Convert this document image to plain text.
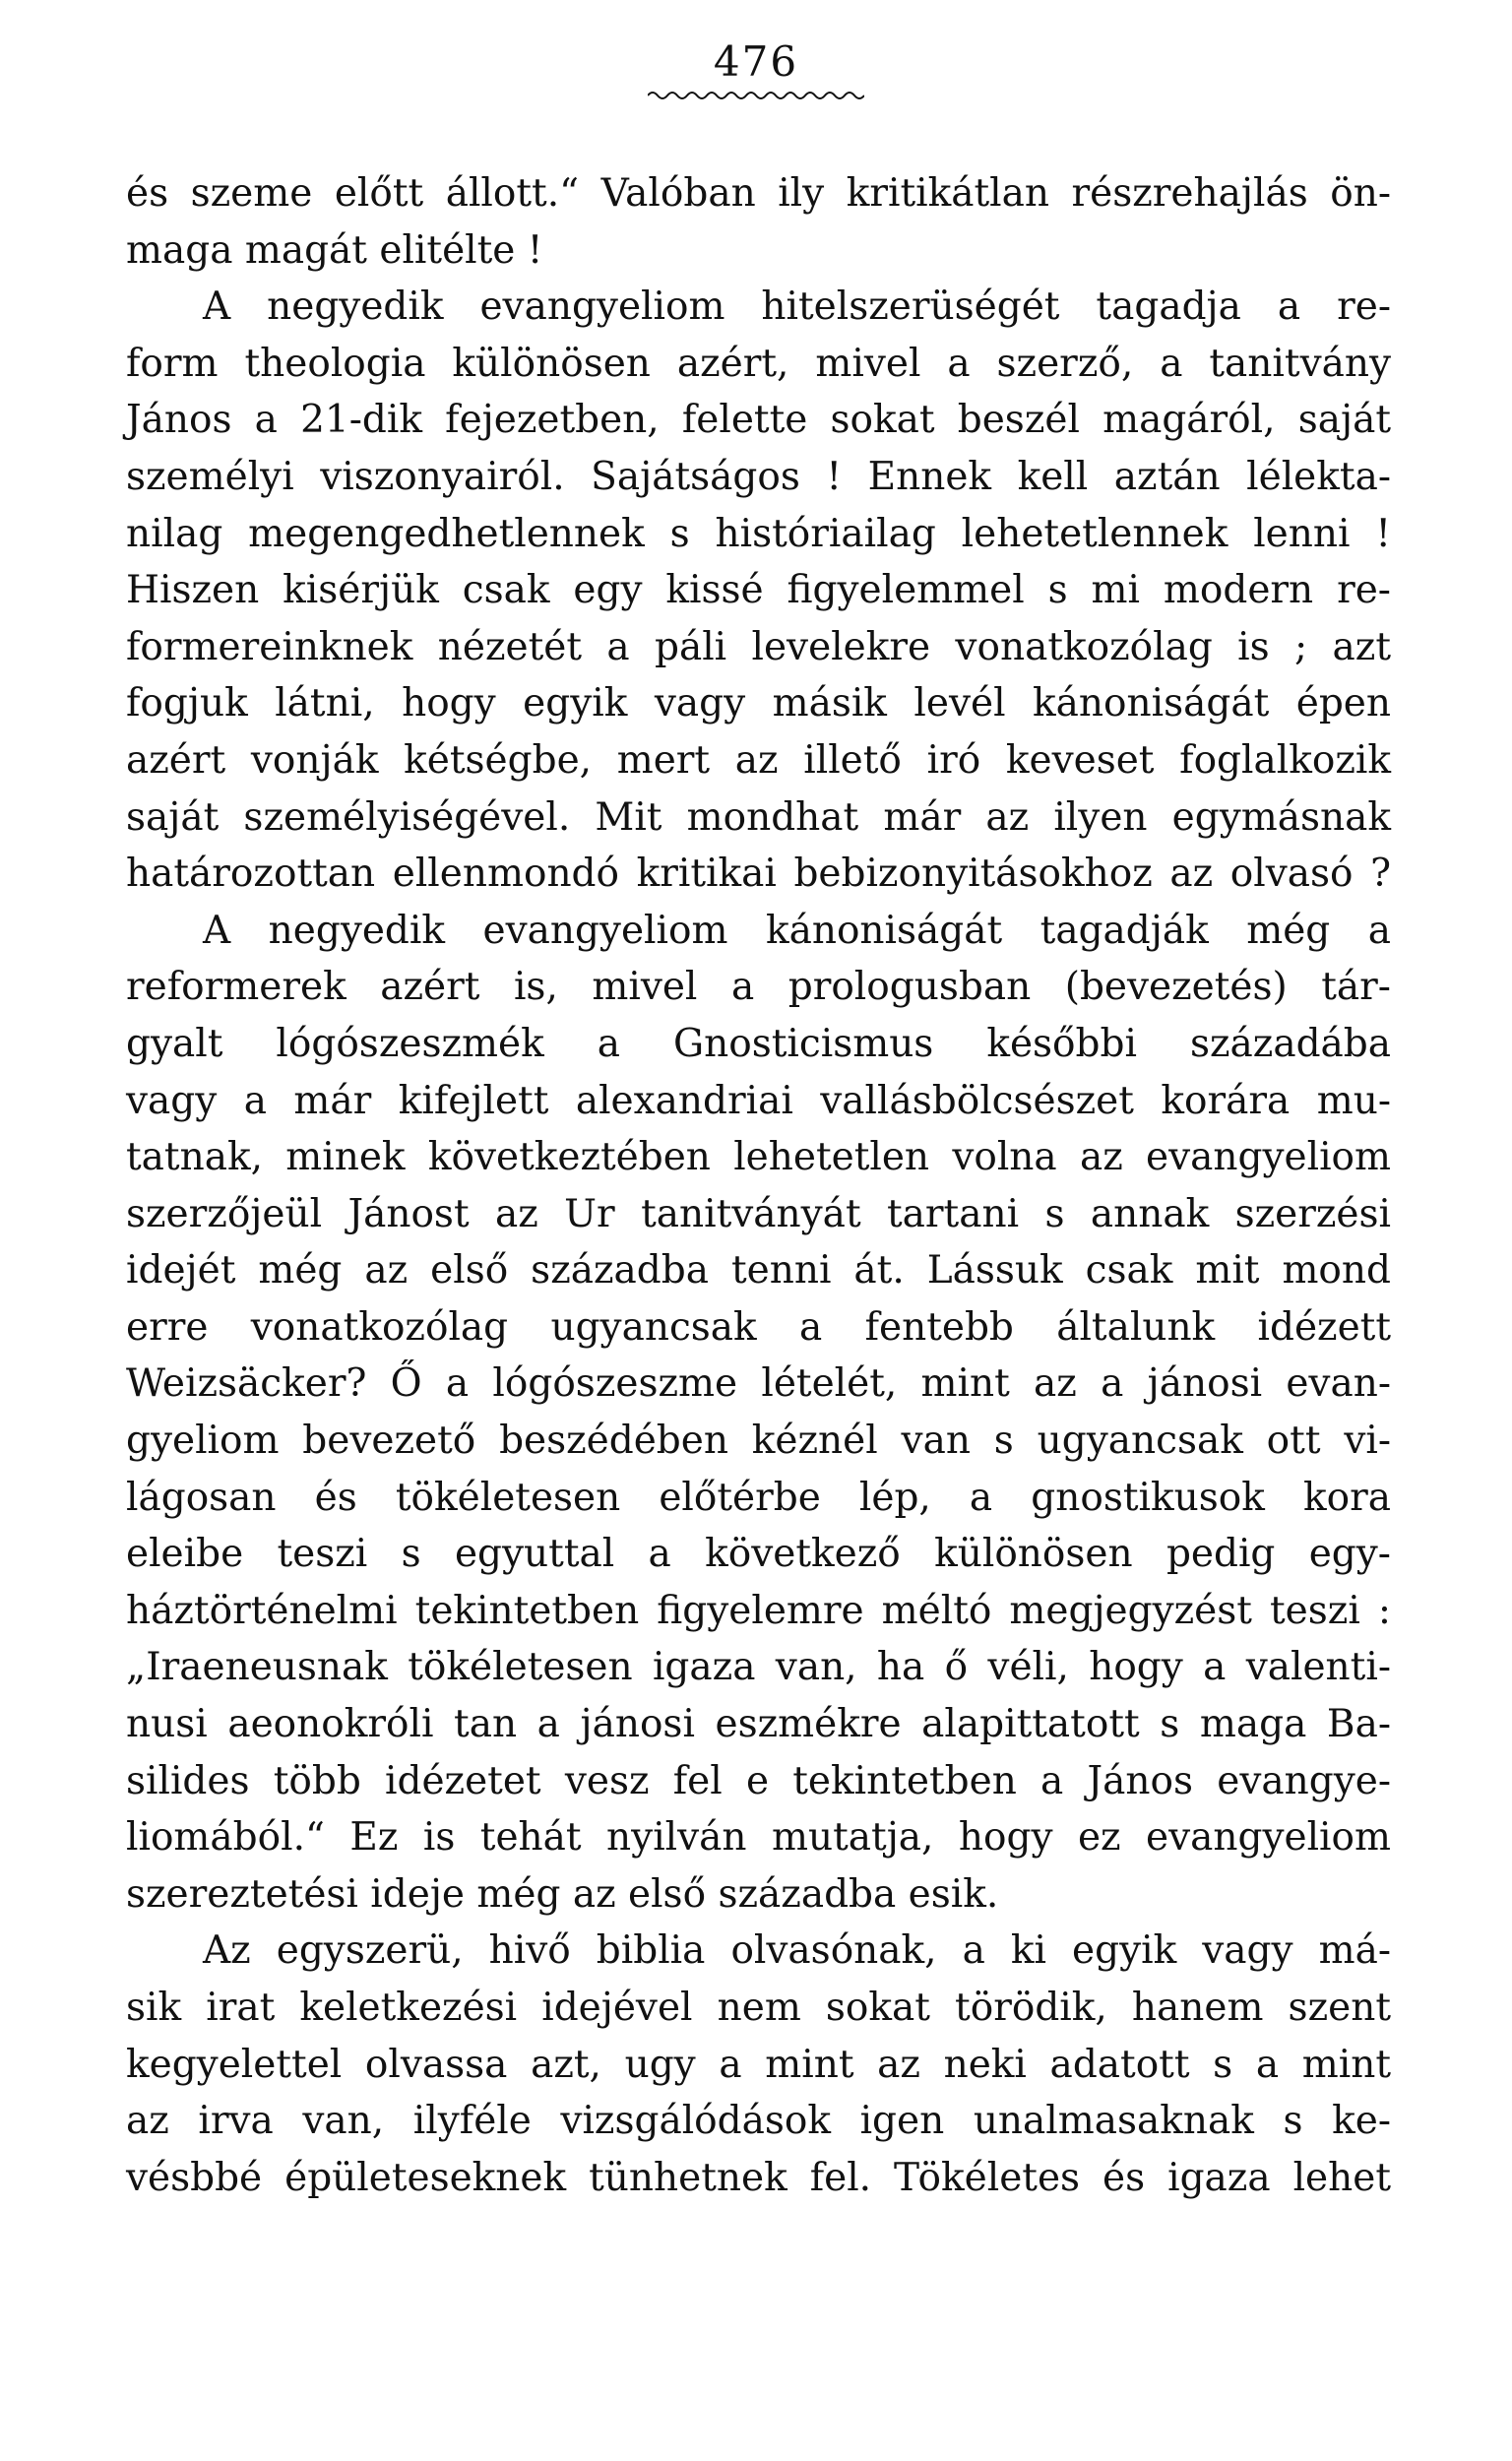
476
és szeme előtt állott.“ Valóban ily kritikátlan részrehajlás ön-
maga magát elitélte !
A negyedik evangyeliom hitelszerüségét tagadja a re-
form theologia különösen azért, mivel a szerző, a tanitvány
János a 21-dik fejezetben, felette sokat beszél magáról, saját
személyi viszonyairól. Sajátságos ! Ennek kell aztán lélekta-
nilag megengedhetlennek s históriailag lehetetlennek lenni !
Hiszen kisérjük csak egy kissé figyelemmel s mi modern re-
formereinknek nézetét a páli levelekre vonatkozólag is ; azt
fogjuk látni, hogy egyik vagy másik levél kánoniságát épen
azért vonják kétségbe, mert az illető iró keveset foglalkozik
saját személyiségével. Mit mondhat már az ilyen egymásnak
határozottan ellenmondó kritikai bebizonyitásokhoz az olvasó ?
A negyedik evangyeliom kánoniságát tagadják még a
reformerek azért is, mivel a prologusban (bevezetés) tár-
gyalt lógószeszmék a Gnosticismus későbbi századába
vagy a már kifejlett alexandriai vallásbölcsészet korára mu-
tatnak, minek következtében lehetetlen volna az evangyeliom
szerzőjeül Jánost az Ur tanitványát tartani s annak szerzési
idejét még az első századba tenni át. Lássuk csak mit mond
erre vonatkozólag ugyancsak a fentebb általunk idézett
Weizsäcker? Ő a lógószeszme lételét, mint az a jánosi evan-
gyeliom bevezető beszédében kéznél van s ugyancsak ott vi-
lágosan és tökéletesen előtérbe lép, a gnostikusok kora
eleibe teszi s egyuttal a következő különösen pedig egy-
háztörténelmi tekintetben figyelemre méltó megjegyzést teszi :
„Iraeneusnak tökéletesen igaza van, ha ő véli, hogy a valenti-
nusi aeonokróli tan a jánosi eszmékre alapittatott s maga Ba-
silides több idézetet vesz fel e tekintetben a János evangye-
liomából.“ Ez is tehát nyilván mutatja, hogy ez evangyeliom
szereztetési ideje még az első századba esik.
Az egyszerü, hivő biblia olvasónak, a ki egyik vagy má-
sik irat keletkezési idejével nem sokat törödik, hanem szent
kegyelettel olvassa azt, ugy a mint az neki adatott s a mint
az irva van, ilyféle vizsgálódások igen unalmasaknak s ke-
vésbbé épületeseknek tünhetnek fel. Tökéletes és igaza lehet
